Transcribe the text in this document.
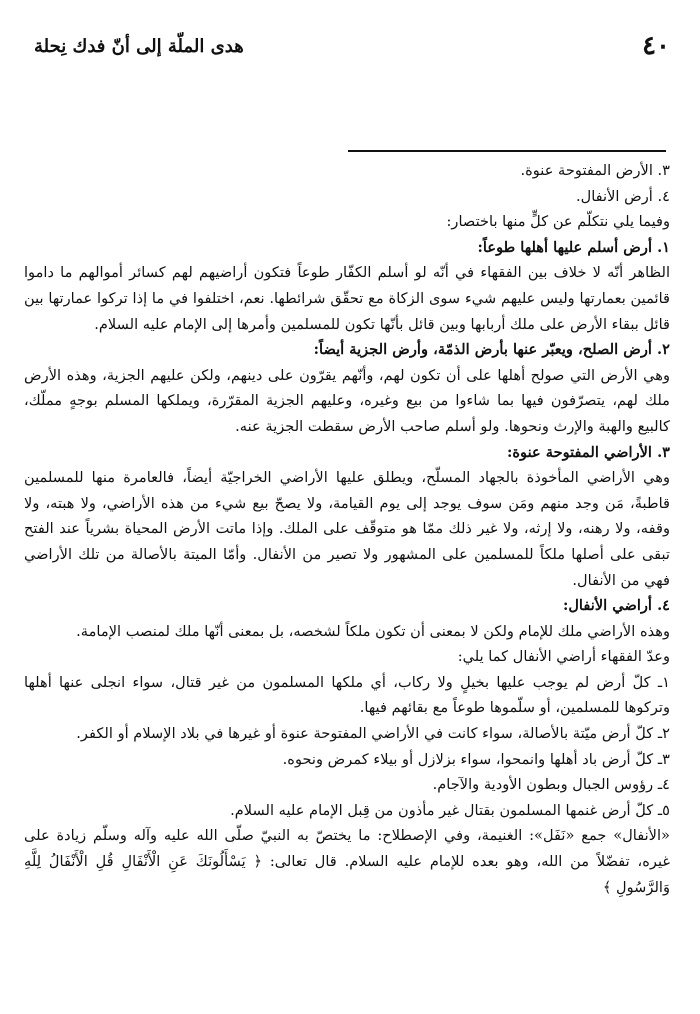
٤٠
هدى الملّة إلى أنّ فدك نِحلة

٣. الأرض المفتوحة عنوة.

٤. أرض الأنفال.

وفيما يلي نتكلّم عن كلٍّ منها باختصار:

١. أرض أسلم عليها أهلها طوعاً:

الظاهر أنّه لا خلاف بين الفقهاء في أنّه لو أسلم الكفّار طوعاً فتكون أراضيهم لهم كسائر أموالهم ما داموا قائمين بعمارتها وليس عليهم شيء سوى الزكاة مع تحقّق شرائطها. نعم، اختلفوا في ما إذا تركوا عمارتها بين قائل ببقاء الأرض على ملك أربابها وبين قائل بأنّها تكون للمسلمين وأمرها إلى الإمام عليه السلام.

٢. أرض الصلح، ويعبّر عنها بأرض الذمّة، وأرض الجزية أيضاً:

وهي الأرض التي صولح أهلها على أن تكون لهم، وأنّهم يقرّون على دينهم، ولكن عليهم الجزية، وهذه الأرض ملك لهم، يتصرّفون فيها بما شاءوا من بيع وغيره، وعليهم الجزية المقرّرة، ويملكها المسلم بوجهٍ مملّك، كالبيع والهبة والإرث ونحوها. ولو أسلم صاحب الأرض سقطت الجزية عنه.

٣. الأراضي المفتوحة عنوة:

وهي الأراضي المأخوذة بالجهاد المسلّح، ويطلق عليها الأراضي الخراجيّة أيضاً، فالعامرة منها للمسلمين قاطبةً، مَن وجد منهم ومَن سوف يوجد إلى يوم القيامة، ولا يصحّ بيع شيء من هذه الأراضي، ولا هبته، ولا وقفه، ولا رهنه، ولا إرثه، ولا غير ذلك ممّا هو متوقّف على الملك. وإذا ماتت الأرض المحياة بشرياً عند الفتح تبقى على أصلها ملكاً للمسلمين على المشهور ولا تصير من الأنفال. وأمّا الميتة بالأصالة من تلك الأراضي فهي من الأنفال.

٤. أراضي الأنفال:

وهذه الأراضي ملك للإمام ولكن لا بمعنى أن تكون ملكاً لشخصه، بل بمعنى أنّها ملك لمنصب الإمامة.

وعدّ الفقهاء أراضي الأنفال كما يلي:

١ـ كلّ أرض لم يوجب عليها بخيلٍ ولا ركاب، أي ملكها المسلمون من غير قتال، سواء انجلى عنها أهلها وتركوها للمسلمين، أو سلّموها طوعاً مع بقائهم فيها.

٢ـ كلّ أرض ميّتة بالأصالة، سواء كانت في الأراضي المفتوحة عنوة أو غيرها في بلاد الإسلام أو الكفر.

٣ـ كلّ أرض باد أهلها وانمحوا، سواء بزلازل أو بيلاء كمرض ونحوه.

٤ـ رؤوس الجبال وبطون الأودية والآجام.

٥ـ كلّ أرض غنمها المسلمون بقتال غير مأذون من قِبل الإمام عليه السلام.

«الأنفال» جمع «نَفَل»: الغنيمة، وفي الإصطلاح: ما يختصّ به النبيّ صلّى الله عليه وآله وسلّم زيادة على غيره، تفضّلاً من الله، وهو بعده للإمام عليه السلام. قال تعالى: ﴿ يَسْأَلُونَكَ عَنِ الْأَنْفَالِ قُلِ الْأَنْفَالُ لِلَّهِ وَالرَّسُولِ ﴾
